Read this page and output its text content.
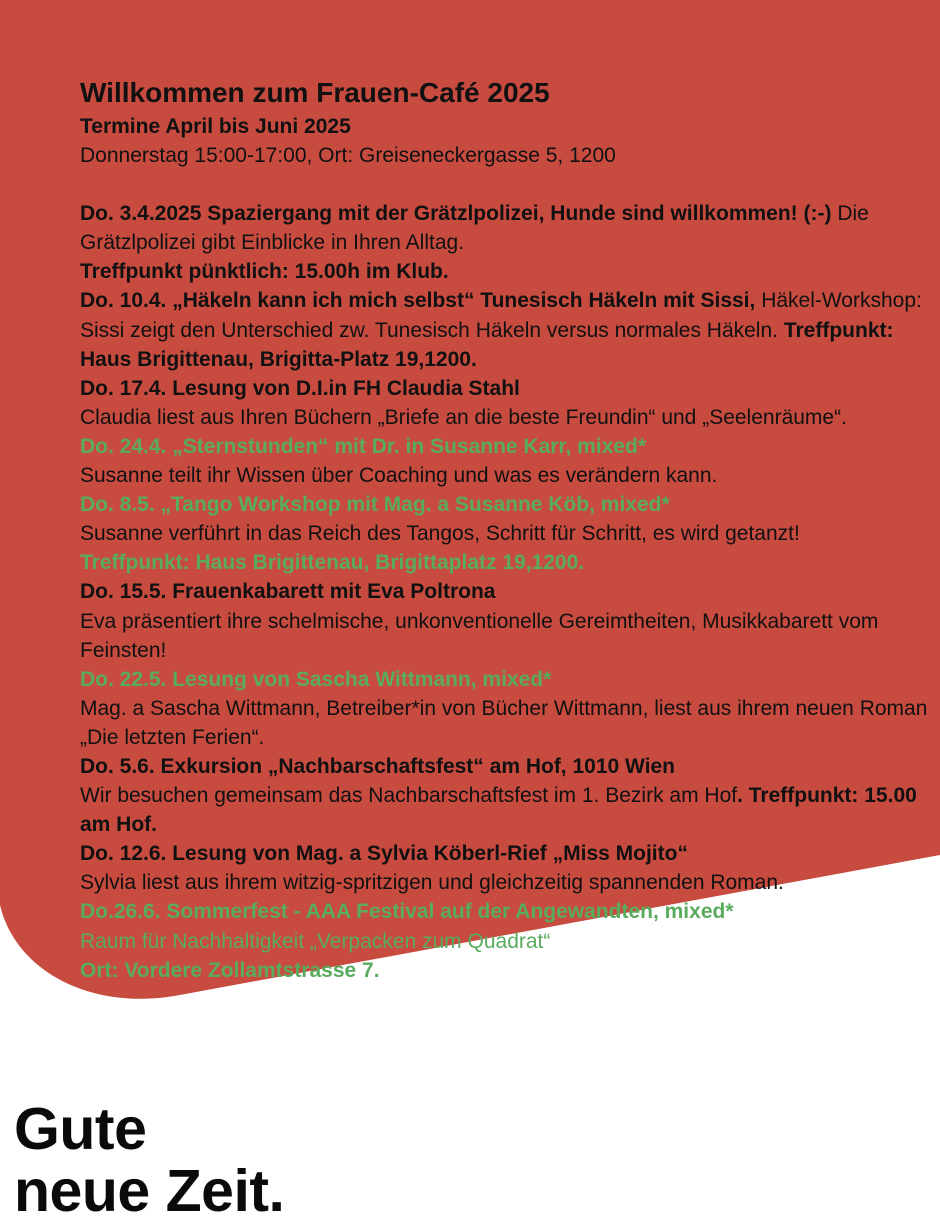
Willkommen zum Frauen-Café 2025
Termine April bis Juni 2025
Donnerstag 15:00-17:00, Ort: Greiseneckergasse 5, 1200
Do. 3.4.2025 Spaziergang mit der Grätzlpolizei, Hunde sind willkommen! (:-) Die Grätzlpolizei gibt Einblicke in Ihren Alltag.
Treffpunkt pünktlich: 15.00h im Klub.
Do. 10.4. „Häkeln kann ich mich selbst“ Tunesisch Häkeln mit Sissi, Häkel-Workshop: Sissi zeigt den Unterschied zw. Tunesisch Häkeln versus normales Häkeln. Treffpunkt: Haus Brigittenau, Brigitta-Platz 19,1200.
Do. 17.4. Lesung von D.I.in FH Claudia Stahl
Claudia liest aus Ihren Büchern „Briefe an die beste Freundin“ und „Seelenräume“.
Do. 24.4. „Sternstunden“ mit Dr. in Susanne Karr, mixed*
Susanne teilt ihr Wissen über Coaching und was es verändern kann.
Do. 8.5. „Tango Workshop mit Mag. a Susanne Köb, mixed*
Susanne verführt in das Reich des Tangos, Schritt für Schritt, es wird getanzt!
Treffpunkt: Haus Brigittenau, Brigittaplatz 19,1200.
Do. 15.5. Frauenkabarett mit Eva Poltrona
Eva präsentiert ihre schelmische, unkonventionelle Gereimtheiten, Musikkabarett vom Feinsten!
Do. 22.5. Lesung von Sascha Wittmann, mixed*
Mag. a Sascha Wittmann, Betreiber*in von Bücher Wittmann, liest aus ihrem neuen Roman „Die letzten Ferien“.
Do. 5.6. Exkursion „Nachbarschaftsfest“ am Hof, 1010 Wien
Wir besuchen gemeinsam das Nachbarschaftsfest im 1. Bezirk am Hof. Treffpunkt: 15.00 am Hof.
Do. 12.6. Lesung von Mag. a Sylvia Köberl-Rief „Miss Mojito“
Sylvia liest aus ihrem witzig-spritzigen und gleichzeitig spannenden Roman.
Do.26.6. Sommerfest - AAA Festival auf der Angewandten, mixed*
Raum für Nachhaltigkeit „Verpacken zum Quadrat“
Ort: Vordere Zollamtstrasse 7.
Gute
neue Zeit.
